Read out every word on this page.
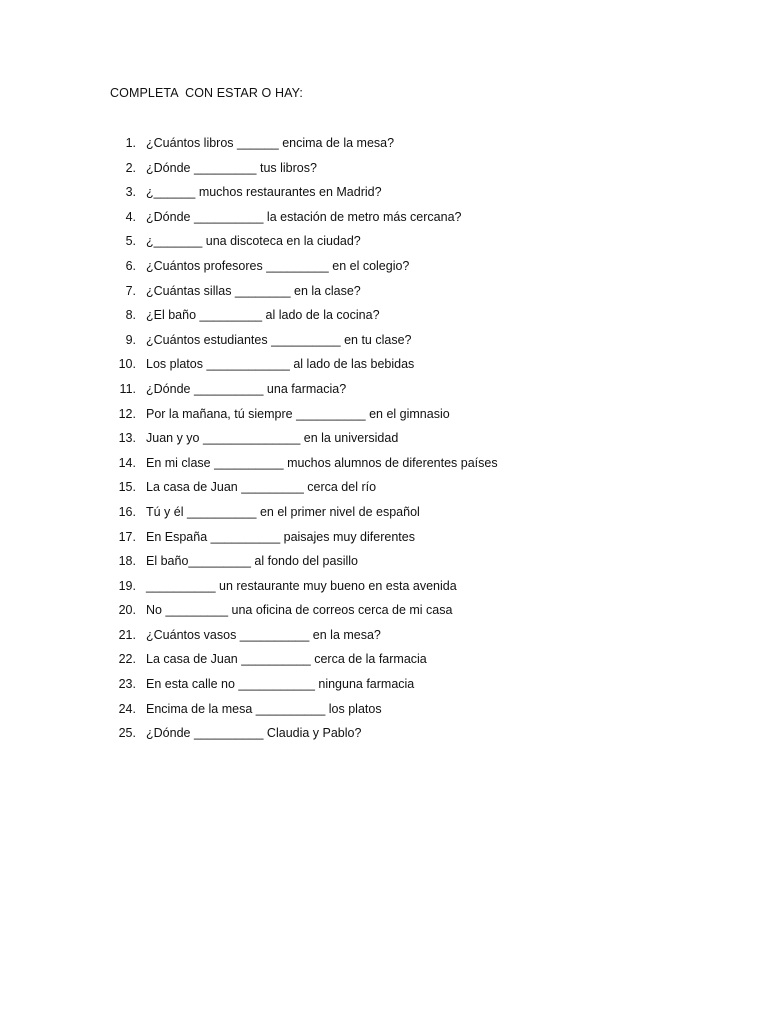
COMPLETA  CON ESTAR O HAY:
1. ¿Cuántos libros ______ encima de la mesa?
2. ¿Dónde _________ tus libros?
3. ¿______ muchos restaurantes en Madrid?
4. ¿Dónde __________ la estación de metro más cercana?
5. ¿_______ una discoteca en la ciudad?
6. ¿Cuántos profesores _________ en el colegio?
7. ¿Cuántas sillas ________ en la clase?
8. ¿El baño _________ al lado de la cocina?
9. ¿Cuántos estudiantes __________ en tu clase?
10. Los platos ____________ al lado de las bebidas
11. ¿Dónde __________ una farmacia?
12. Por la mañana, tú siempre __________ en el gimnasio
13. Juan y yo ______________ en la universidad
14. En mi clase __________ muchos alumnos de diferentes países
15. La casa de Juan _________ cerca del río
16. Tú y él __________ en el primer nivel de español
17. En España __________ paisajes muy diferentes
18. El baño_________ al fondo del pasillo
19. __________ un restaurante muy bueno en esta avenida
20. No _________ una oficina de correos cerca de mi casa
21. ¿Cuántos vasos __________ en la mesa?
22. La casa de Juan __________ cerca de la farmacia
23. En esta calle no ___________ ninguna farmacia
24. Encima de la mesa __________ los platos
25. ¿Dónde __________ Claudia y Pablo?
